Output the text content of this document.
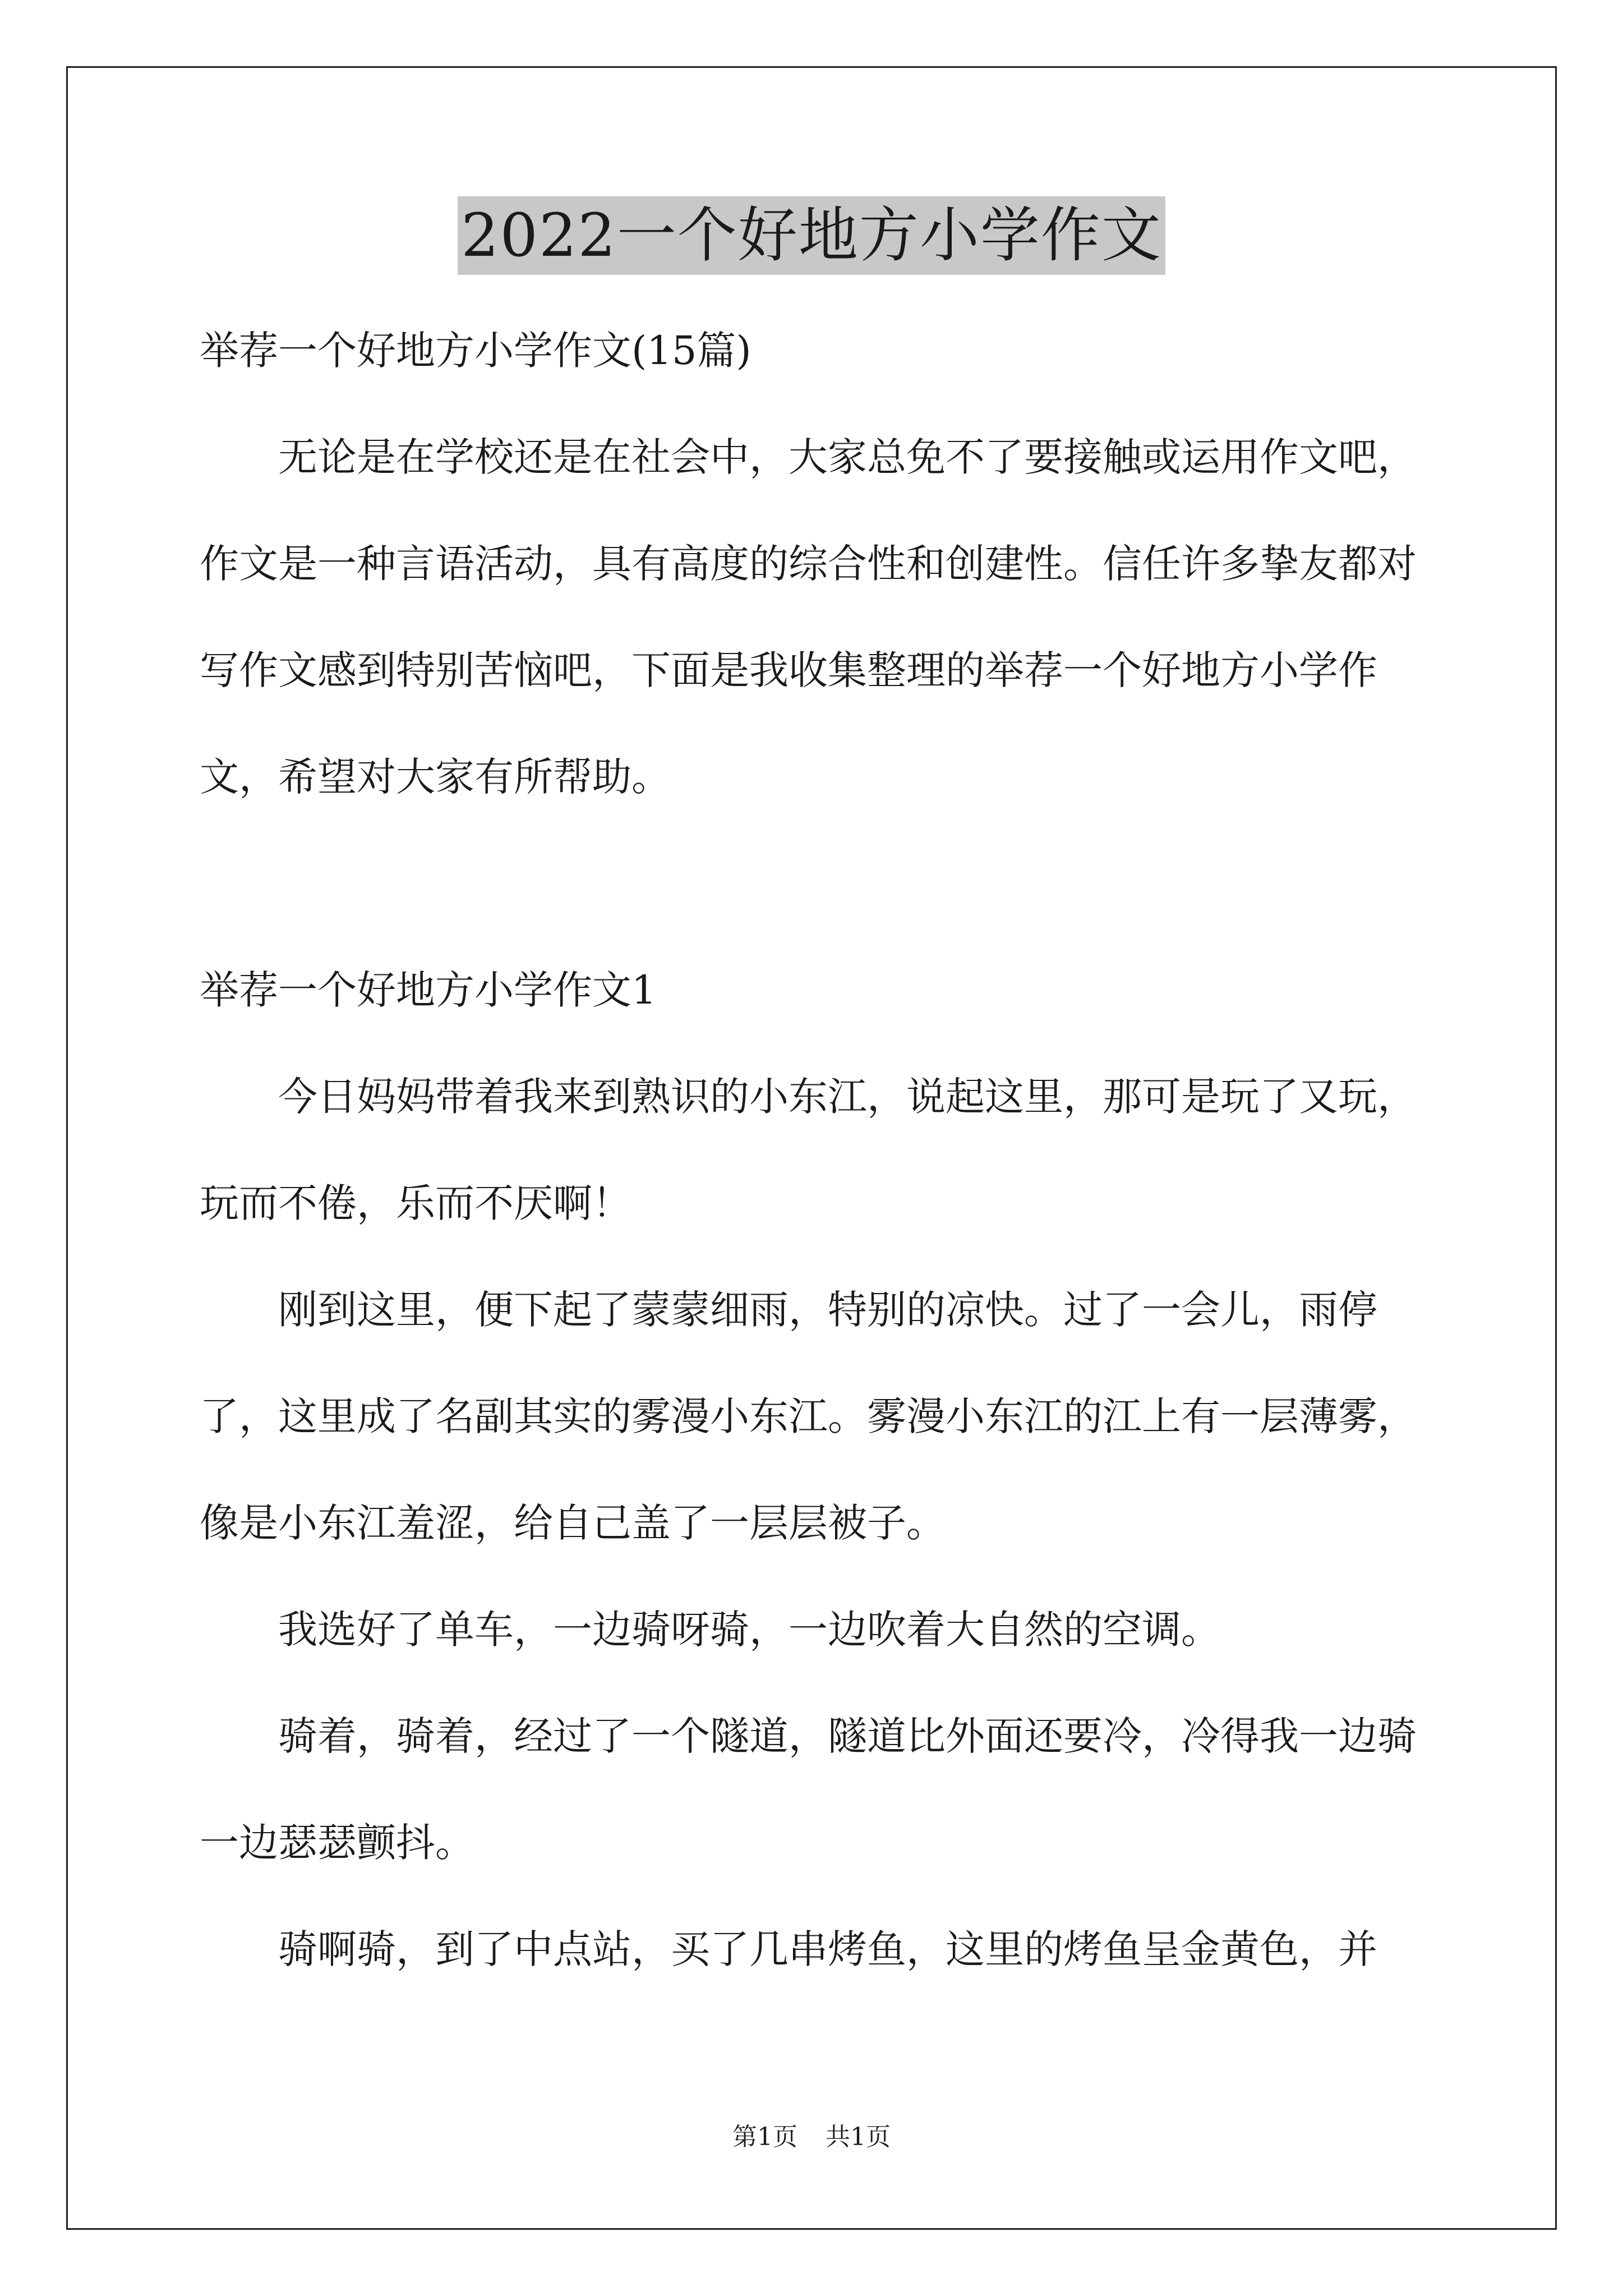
2022一个好地方小学作文

举荐一个好地方小学作文(15篇)

无论是在学校还是在社会中，大家总免不了要接触或运用作文吧，作文是一种言语活动，具有高度的综合性和创建性。信任许多挚友都对写作文感到特别苦恼吧，下面是我收集整理的举荐一个好地方小学作文，希望对大家有所帮助。

举荐一个好地方小学作文1

今日妈妈带着我来到熟识的小东江，说起这里，那可是玩了又玩，玩而不倦，乐而不厌啊！

刚到这里，便下起了蒙蒙细雨，特别的凉快。过了一会儿，雨停了，这里成了名副其实的雾漫小东江。雾漫小东江的江上有一层薄雾，像是小东江羞涩，给自己盖了一层层被子。

我选好了单车，一边骑呀骑，一边吹着大自然的空调。

骑着，骑着，经过了一个隧道，隧道比外面还要冷，冷得我一边骑一边瑟瑟颤抖。

骑啊骑，到了中点站，买了几串烤鱼，这里的烤鱼呈金黄色，并

第1页 共1页
